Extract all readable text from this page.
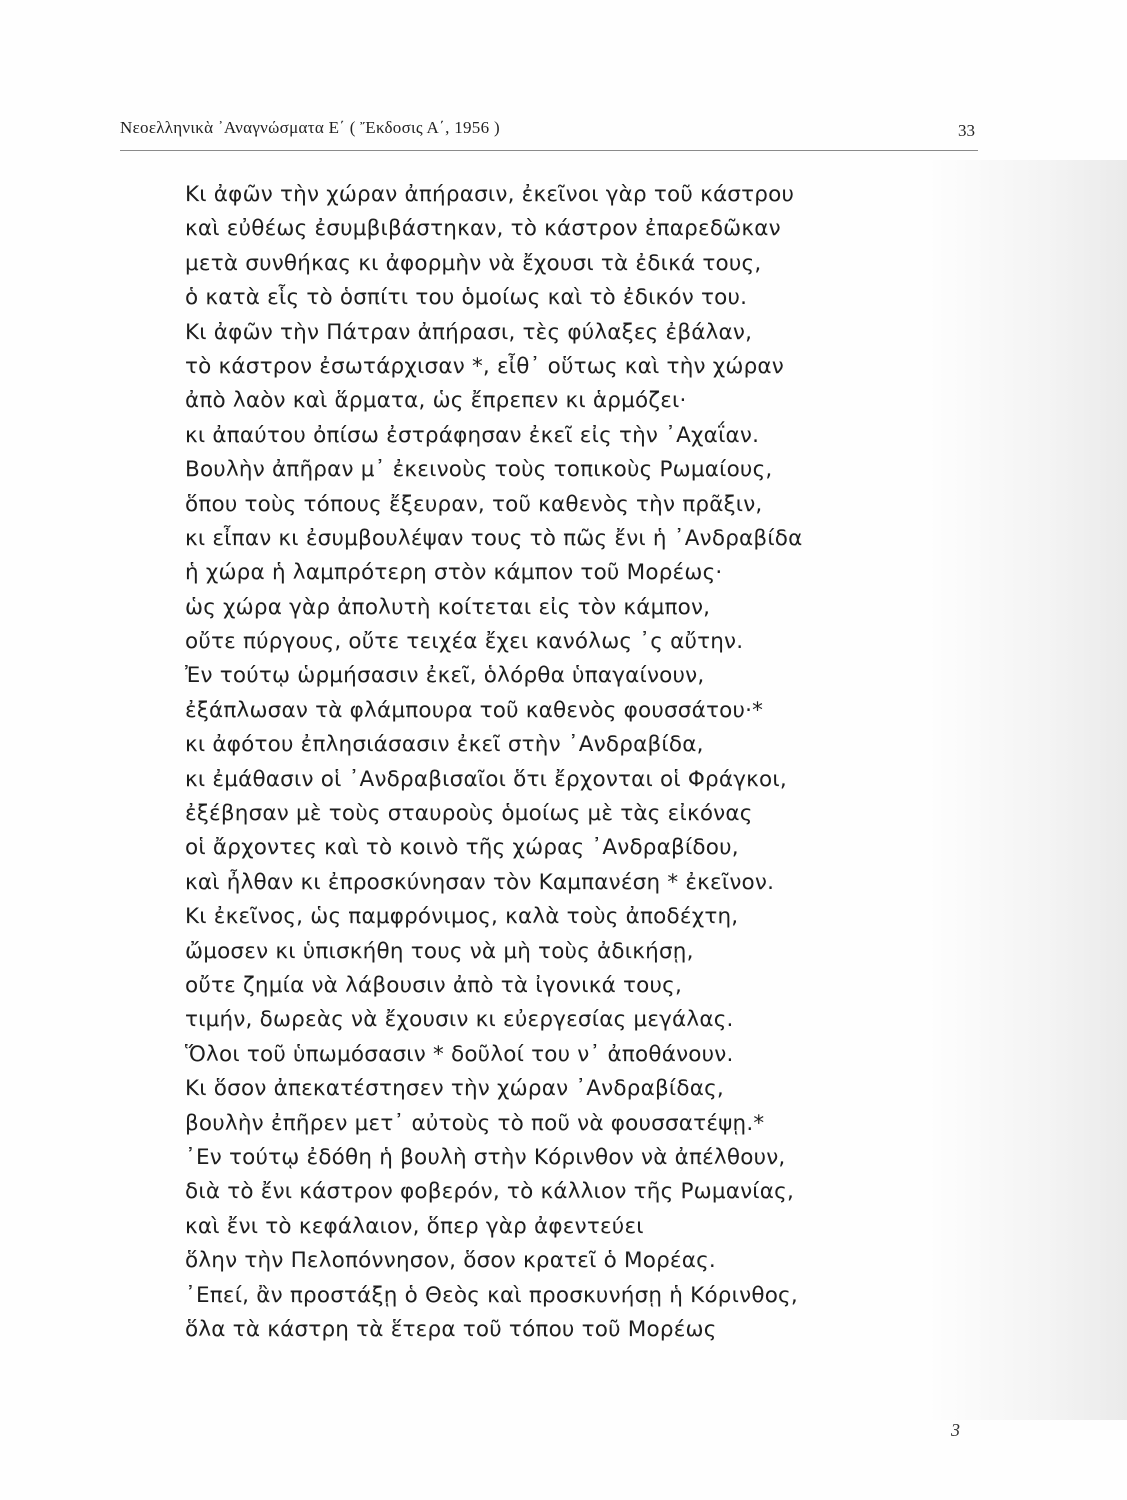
Νεοελληνικὰ ᾿Αναγνώσματα Ε΄ ( Ἔκδοσις Α΄, 1956 )	33
Κι ἀφῶν τὴν χώραν ἀπήρασιν, ἐκεῖνοι γὰρ τοῦ κάστρου
καὶ εὐθέως ἐσυμβιβάστηκαν, τὸ κάστρον ἐπαρεδῶκαν
μετὰ συνθήκας κι ἀφορμὴν νὰ ἔχουσι τὰ ἐδικά τους,
ὁ κατὰ εἷς τὸ ὁσπίτι του ὁμοίως καὶ τὸ ἐδικόν του.
Κι ἀφῶν τὴν Πάτραν ἀπήρασι, τὲς φύλαξες ἐβάλαν,
τὸ κάστρον ἐσωτάρχισαν *, εἶθ᾿ οὕτως καὶ τὴν χώραν
ἀπὸ λαὸν καὶ ἅρματα, ὡς ἔπρεπεν κι ἁρμόζει·
κι ἀπαύτου ὀπίσω ἐστράφησαν ἐκεῖ εἰς τὴν ᾿Αχαΐαν.
Βουλὴν ἀπῆραν μ᾿ ἐκεινοὺς τοὺς τοπικοὺς Ρωμαίους,
ὅπου τοὺς τόπους ἔξευραν, τοῦ καθενὸς τὴν πρᾶξιν,
κι εἶπαν κι ἐσυμβουλέψαν τους τὸ πῶς ἔνι ἡ ᾿Ανδραβίδα
ἡ χώρα ἡ λαμπρότερη στὸν κάμπον τοῦ Μορέως·
ὡς χώρα γὰρ ἀπολυτὴ κοίτεται εἰς τὸν κάμπον,
οὔτε πύργους, οὔτε τειχέα ἔχει κανόλως ᾿ς αὔτην.
Ἐν τούτῳ ὡρμήσασιν ἐκεῖ, ὁλόρθα ὑπαγαίνουν,
ἐξάπλωσαν τὰ φλάμπουρα τοῦ καθενὸς φουσσάτου·*
κι ἀφότου ἐπλησιάσασιν ἐκεῖ στὴν ᾿Ανδραβίδα,
κι ἐμάθασιν οἱ ᾿Ανδραβισαῖοι ὅτι ἔρχονται οἱ Φράγκοι,
ἐξέβησαν μὲ τοὺς σταυροὺς ὁμοίως μὲ τὰς εἰκόνας
οἱ ἄρχοντες καὶ τὸ κοινὸ τῆς χώρας ᾿Ανδραβίδου,
καὶ ἦλθαν κι ἐπροσκύνησαν τὸν Καμπανέση * ἐκεῖνον.
Κι ἐκεῖνος, ὡς παμφρόνιμος, καλὰ τοὺς ἀποδέχτη,
ὤμοσεν κι ὑπισκήθη τους νὰ μὴ τοὺς ἀδικήσῃ,
οὔτε ζημία νὰ λάβουσιν ἀπὸ τὰ ἰγονικά τους,
τιμήν, δωρεὰς νὰ ἔχουσιν κι εὐεργεσίας μεγάλας.
Ὅλοι τοῦ ὑπωμόσασιν * δοῦλοί του ν᾿ ἀποθάνουν.
Κι ὅσον ἀπεκατέστησεν τὴν χώραν ᾿Ανδραβίδας,
βουλὴν ἐπῆρεν μετ᾿ αὐτοὺς τὸ ποῦ νὰ φουσσατέψῃ.*
᾿Εν τούτῳ ἐδόθη ἡ βουλὴ στὴν Κόρινθον νὰ ἀπέλθουν,
διὰ τὸ ἔνι κάστρον φοβερόν, τὸ κάλλιον τῆς Ρωμανίας,
καὶ ἔνι τὸ κεφάλαιον, ὅπερ γὰρ ἀφεντεύει
ὅλην τὴν Πελοπόννησον, ὅσον κρατεῖ ὁ Μορέας.
᾿Επεί, ἂν προστάξῃ ὁ Θεὸς καὶ προσκυνήσῃ ἡ Κόρινθος,
ὅλα τὰ κάστρη τὰ ἕτερα τοῦ τόπου τοῦ Μορέως
3
